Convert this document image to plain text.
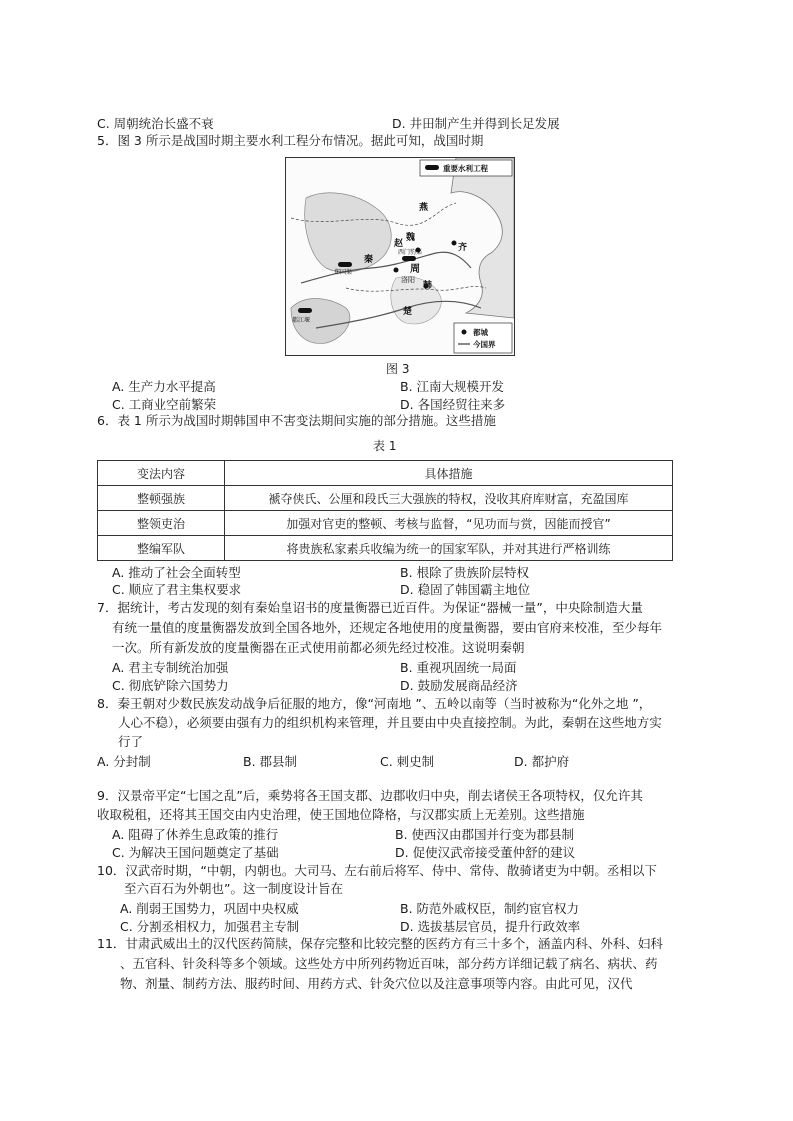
C. 周朝统治长盛不衰	D. 井田制产生并得到长足发展
5．图 3 所示是战国时期主要水利工程分布情况。据此可知，战国时期
燕
齐
赵
魏
韩
楚
秦
周
西门豹渠
郑国渠
都江堰
洛阳
重要水利工程
都城
今国界
图 3
A. 生产力水平提高	B. 江南大规模开发
C. 工商业空前繁荣	D. 各国经贸往来多
6．表 1 所示为战国时期韩国申不害变法期间实施的部分措施。这些措施
表 1
变法内容	具体措施
整顿强族	褫夺侠氏、公厘和段氏三大强族的特权，没收其府库财富，充盈国库
整领吏治	加强对官吏的整顿、考核与监督，“见功而与赏，因能而授官”
整编军队	将贵族私家素兵收编为统一的国家军队，并对其进行严格训练
A. 推动了社会全面转型	B. 根除了贵族阶层特权
C. 顺应了君主集权要求	D. 稳固了韩国霸主地位
7．据统计，考古发现的刻有秦始皇诏书的度量衡器已近百件。为保证“器械一量”，中央除制造大量
有统一量值的度量衡器发放到全国各地外，还规定各地使用的度量衡器，要由官府来校准，至少每年
一次。所有新发放的度量衡器在正式使用前都必须先经过校准。这说明秦朝
A. 君主专制统治加强	B. 重视巩固统一局面
C. 彻底铲除六国势力	D. 鼓励发展商品经济
8．秦王朝对少数民族发动战争后征服的地方，像“河南地 ”、五岭以南等（当时被称为“化外之地 ”，
人心不稳），必须要由强有力的组织机构来管理，并且要由中央直接控制。为此，秦朝在这些地方实
行了
A. 分封制	B. 郡县制	C. 刺史制	D. 都护府
9．汉景帝平定“七国之乱”后，乘势将各王国支郡、边郡收归中央，削去诸侯王各项特权，仅允许其
收取税租，还将其王国交由内史治理，使王国地位降格，与汉郡实质上无差别。这些措施
A. 阻碍了休养生息政策的推行	B. 使西汉由郡国并行变为郡县制
C. 为解决王国问题奠定了基础	D. 促使汉武帝接受董仲舒的建议
10．汉武帝时期，“中朝，内朝也。大司马、左右前后将军、侍中、常侍、散骑诸吏为中朝。丞相以下
至六百石为外朝也”。这一制度设计旨在
A. 削弱王国势力，巩固中央权威	B. 防范外戚权臣，制约宦官权力
C. 分割丞相权力，加强君主专制	D. 选拔基层官员，提升行政效率
11．甘肃武威出土的汉代医药简牍，保存完整和比较完整的医药方有三十多个，涵盖内科、外科、妇科
、五官科、针灸科等多个领域。这些处方中所列药物近百味，部分药方详细记载了病名、病状、药
物、剂量、制药方法、服药时间、用药方式、针灸穴位以及注意事项等内容。由此可见，汉代
